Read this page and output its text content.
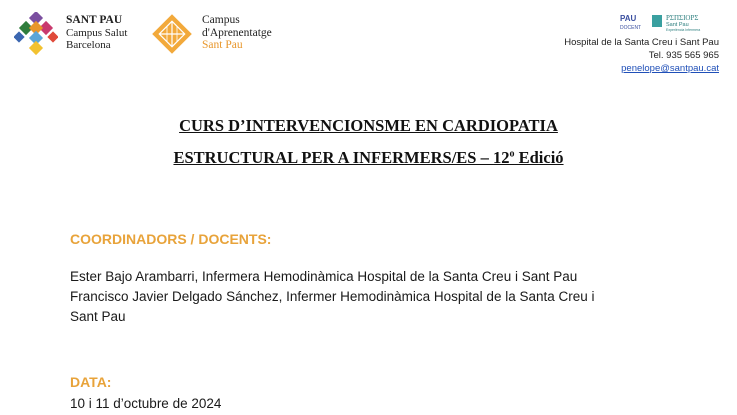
SANT PAU
Campus Salut
Barcelona
Campus
d'Aprenentatge
Sant Pau
PAU
DOCENT
ΡΣΠΣΙΟΡΣ
Sant Pau
Experiència Infermera
Hospital de la Santa Creu i Sant Pau
Tel. 935 565 965
penelope@santpau.cat
CURS D’INTERVENCIONSME EN CARDIOPATIA
ESTRUCTURAL PER A INFERMERS/ES – 12$^o$ Edició
COORDINADORS / DOCENTS:
Ester Bajo Arambarri, Infermera Hemodinàmica Hospital de la Santa Creu i Sant Pau
Francisco Javier Delgado Sánchez, Infermer Hemodinàmica Hospital de la Santa Creu i
Sant Pau
DATA:
10 i 11 d’octubre de 2024
